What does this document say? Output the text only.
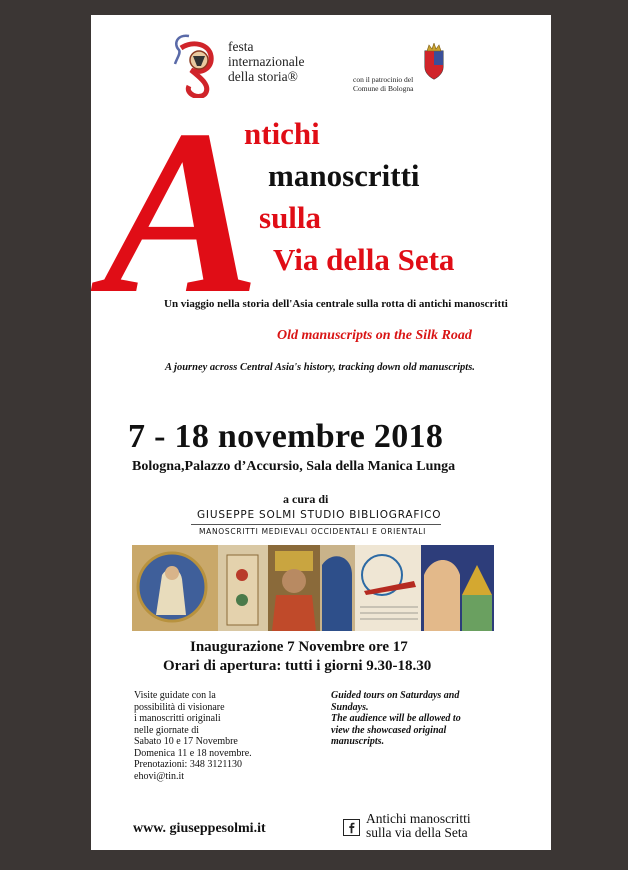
festa
internazionale
della storia®	con il patrocinio del
Comune di Bologna
A
ntichi
manoscritti
sulla
Via della Seta
Un viaggio nella storia dell'Asia centrale sulla rotta di antichi manoscritti
Old manuscripts on the Silk Road
A journey across Central Asia's history, tracking down old manuscripts.
7 - 18 novembre 2018
Bologna,Palazzo d’Accursio, Sala della Manica Lunga
a cura di
GIUSEPPE SOLMI STUDIO BIBLIOGRAFICO
MANOSCRITTI MEDIEVALI OCCIDENTALI E ORIENTALI
Inaugurazione 7 Novembre ore 17
Orari di apertura: tutti i giorni 9.30-18.30
Visite guidate con la
possibilità di visionare
i manoscritti originali
nelle giornate di
Sabato 10 e 17 Novembre
Domenica 11 e 18 novembre.
Prenotazioni: 348 3121130
ehovi@tin.it
Guided tours on Saturdays and
Sundays.
The audience will be allowed to
view the showcased original
manuscripts.
www. giuseppesolmi.it
Antichi manoscritti
sulla via della Seta
